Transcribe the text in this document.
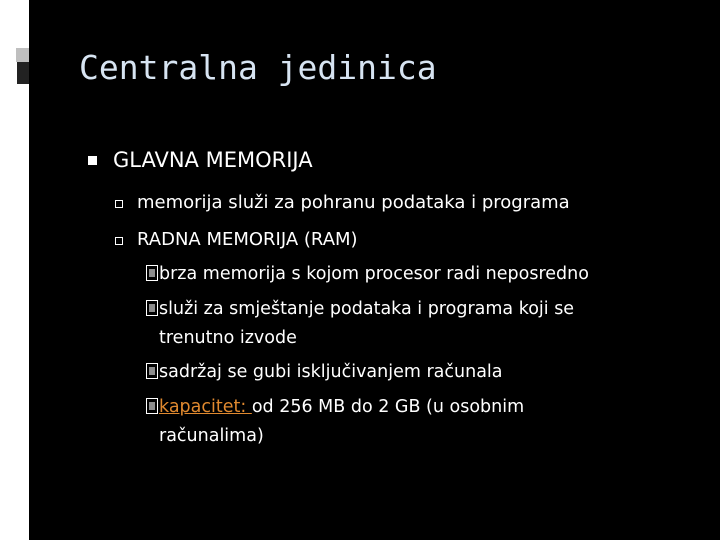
Centralna jedinica

GLAVNA MEMORIJA

memorija služi za pohranu podataka i programa

RADNA MEMORIJA (RAM)

brza memorija s kojom procesor radi neposredno

služi za smještanje podataka i programa koji se

trenutno izvode

sadržaj se gubi isključivanjem računala

kapacitet: od 256 MB do 2 GB (u osobnim

računalima)
